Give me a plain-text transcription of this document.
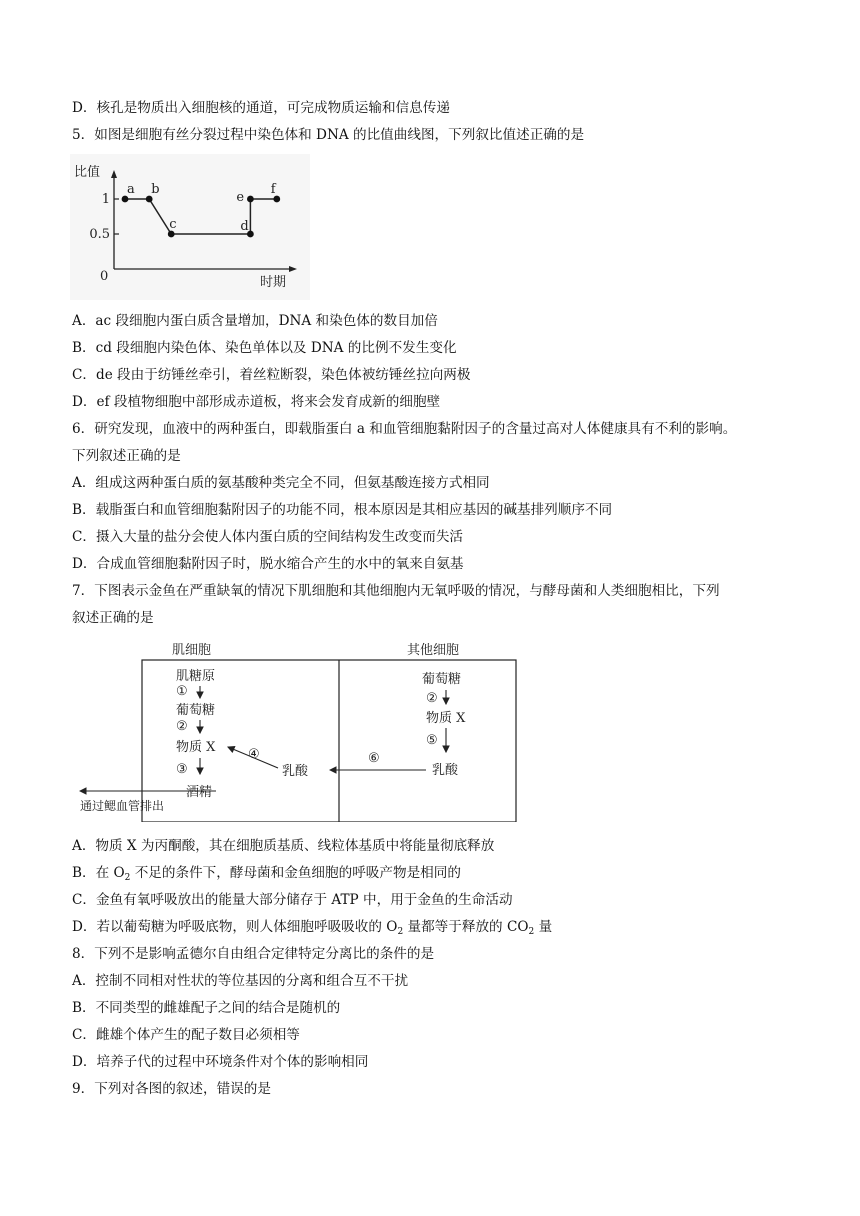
D．核孔是物质出入细胞核的通道，可完成物质运输和信息传递
5．如图是细胞有丝分裂过程中染色体和 DNA 的比值曲线图，下列叙比值述正确的是
比值
0	时期
1
0.5
a b
c	d
e
f
A．ac 段细胞内蛋白质含量增加，DNA 和染色体的数目加倍
B．cd 段细胞内染色体、染色单体以及 DNA 的比例不发生变化
C．de 段由于纺锤丝牵引，着丝粒断裂，染色体被纺锤丝拉向两极
D．ef 段植物细胞中部形成赤道板，将来会发育成新的细胞壁
6．研究发现，血液中的两种蛋白，即载脂蛋白 a 和血管细胞黏附因子的含量过高对人体健康具有不利的影响。
下列叙述正确的是
A．组成这两种蛋白质的氨基酸种类完全不同，但氨基酸连接方式相同
B．载脂蛋白和血管细胞黏附因子的功能不同，根本原因是其相应基因的碱基排列顺序不同
C．摄入大量的盐分会使人体内蛋白质的空间结构发生改变而失活
D．合成血管细胞黏附因子时，脱水缩合产生的水中的氧来自氨基
7．下图表示金鱼在严重缺氧的情况下肌细胞和其他细胞内无氧呼吸的情况，与酵母菌和人类细胞相比，下列
叙述正确的是
肌细胞	其他细胞
肌糖原
①
葡萄糖
②
物质 X
③
酒精
乳酸
④
通过鳃血管排出
葡萄糖
②
物质 X
⑤
乳酸
⑥
A．物质 X 为丙酮酸，其在细胞质基质、线粒体基质中将能量彻底释放
B．在 $O_2$ 不足的条件下，酵母菌和金鱼细胞的呼吸产物是相同的
C．金鱼有氧呼吸放出的能量大部分储存于 ATP 中，用于金鱼的生命活动
D．若以葡萄糖为呼吸底物，则人体细胞呼吸吸收的 $O_2$ 量都等于释放的 $CO_2$ 量
8．下列不是影响孟德尔自由组合定律特定分离比的条件的是
A．控制不同相对性状的等位基因的分离和组合互不干扰
B．不同类型的雌雄配子之间的结合是随机的
C．雌雄个体产生的配子数目必须相等
D．培养子代的过程中环境条件对个体的影响相同
9．下列对各图的叙述，错误的是
